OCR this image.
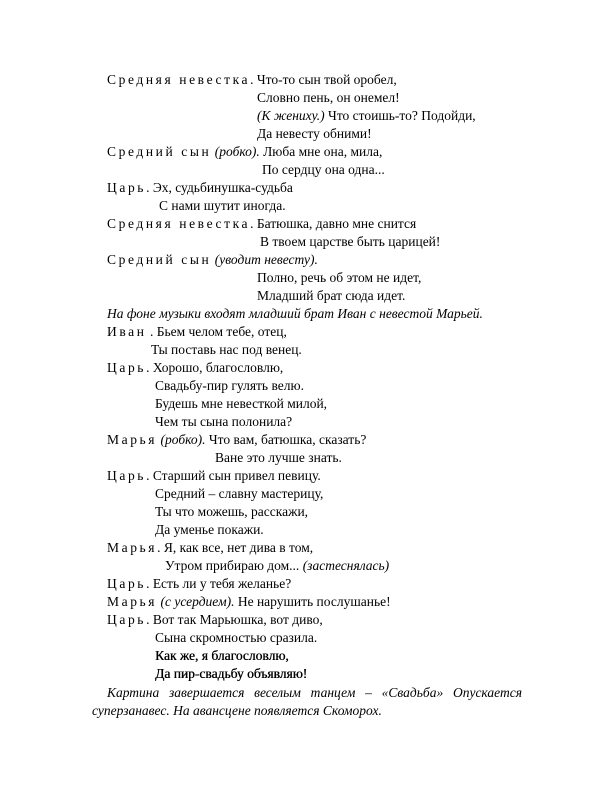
Средняя невестка. Что-то сын твой оробел,
Словно пень, он онемел!
(К жениху.) Что стоишь-то? Подойди,
Да невесту обними!
Средний сын (робко). Люба мне она, мила,
По сердцу она одна...
Царь. Эх, судьбинушка-судьба
С нами шутит иногда.
Средняя невестка. Батюшка, давно мне снится
В твоем царстве быть царицей!
Средний сын (уводит невесту).
Полно, речь об этом не идет,
Младший брат сюда идет.
На фоне музыки входят младший брат Иван с невестой Марьей.
Иван . Бьем челом тебе, отец,
Ты поставь нас под венец.
Царь. Хорошо, благословлю,
Свадьбу-пир гулять велю.
Будешь мне невесткой милой,
Чем ты сына полонила?
Марья (робко). Что вам, батюшка, сказать?
Ване это лучше знать.
Царь. Старший сын привел певицу.
Средний – славну мастерицу,
Ты что можешь, расскажи,
Да уменье покажи.
Марья. Я, как все, нет дива в том,
Утром прибираю дом... (застеснялась)
Царь. Есть ли у тебя желанье?
Марья (с усердием). Не нарушить послушанье!
Царь. Вот так Марьюшка, вот диво,
Сына скромностью сразила.
Как же, я благословлю,
Да пир-свадьбу объявляю!
Картина завершается веселым танцем – «Свадьба» Опускается суперзанавес. На авансцене появляется Скоморох.
